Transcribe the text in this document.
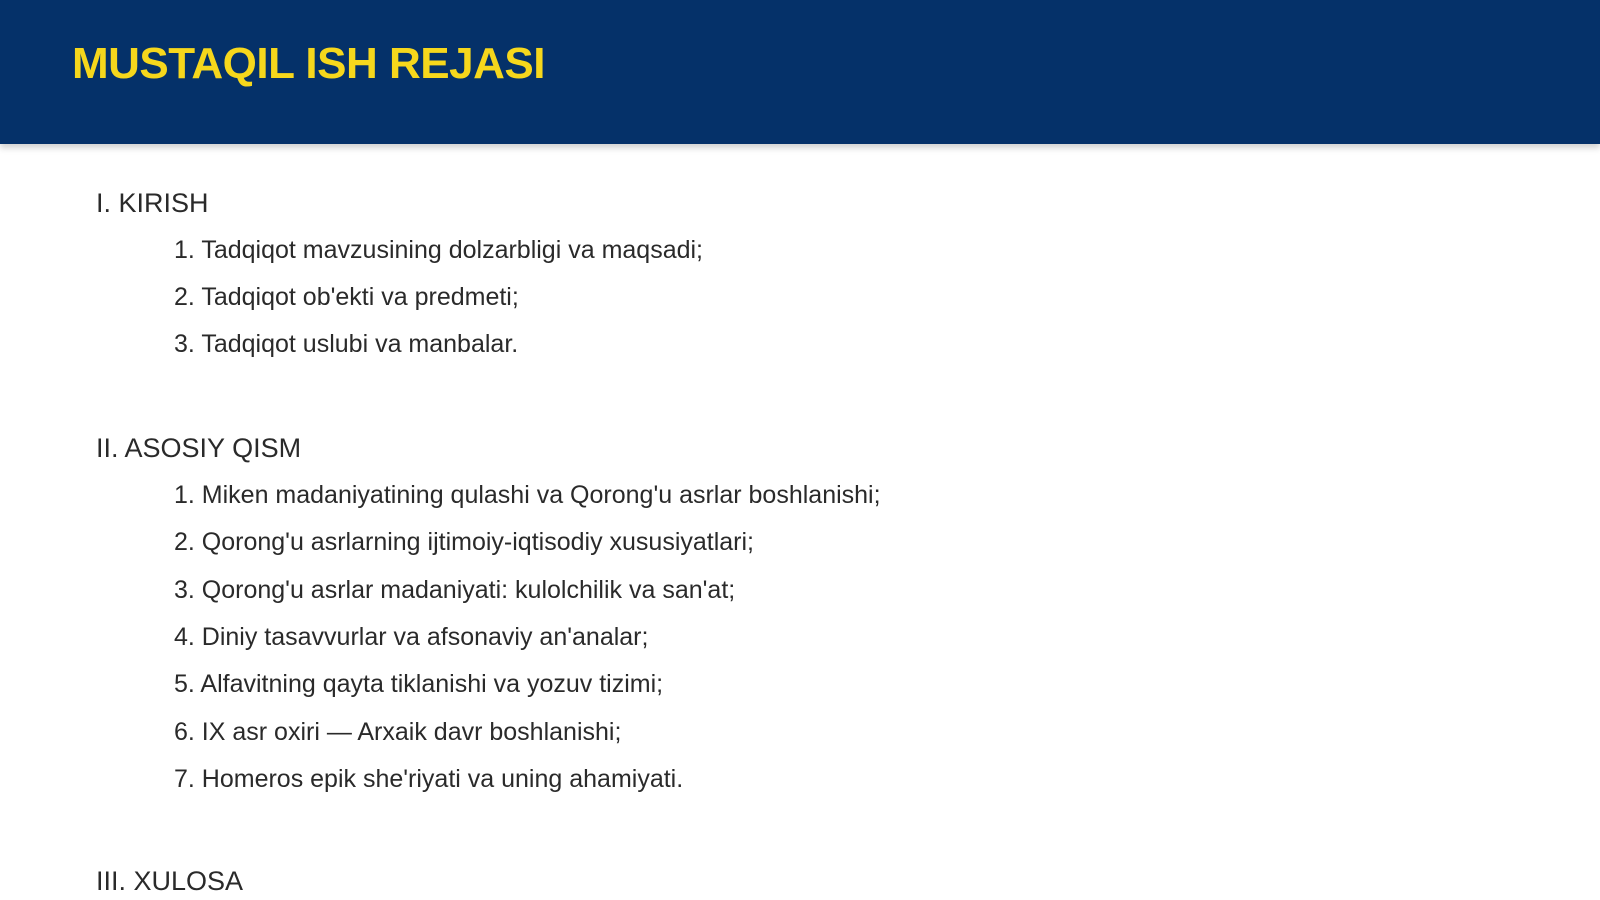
MUSTAQIL ISH REJASI
I. KIRISH

1. Tadqiqot mavzusining dolzarbligi va maqsadi;

2. Tadqiqot ob'ekti va predmeti;

3. Tadqiqot uslubi va manbalar.

II. ASOSIY QISM

1. Miken madaniyatining qulashi va Qorong'u asrlar boshlanishi;

2. Qorong'u asrlarning ijtimoiy-iqtisodiy xususiyatlari;

3. Qorong'u asrlar madaniyati: kulolchilik va san'at;

4. Diniy tasavvurlar va afsonaviy an'analar;

5. Alfavitning qayta tiklanishi va yozuv tizimi;

6. IX asr oxiri — Arxaik davr boshlanishi;

7. Homeros epik she'riyati va uning ahamiyati.

III. XULOSA
